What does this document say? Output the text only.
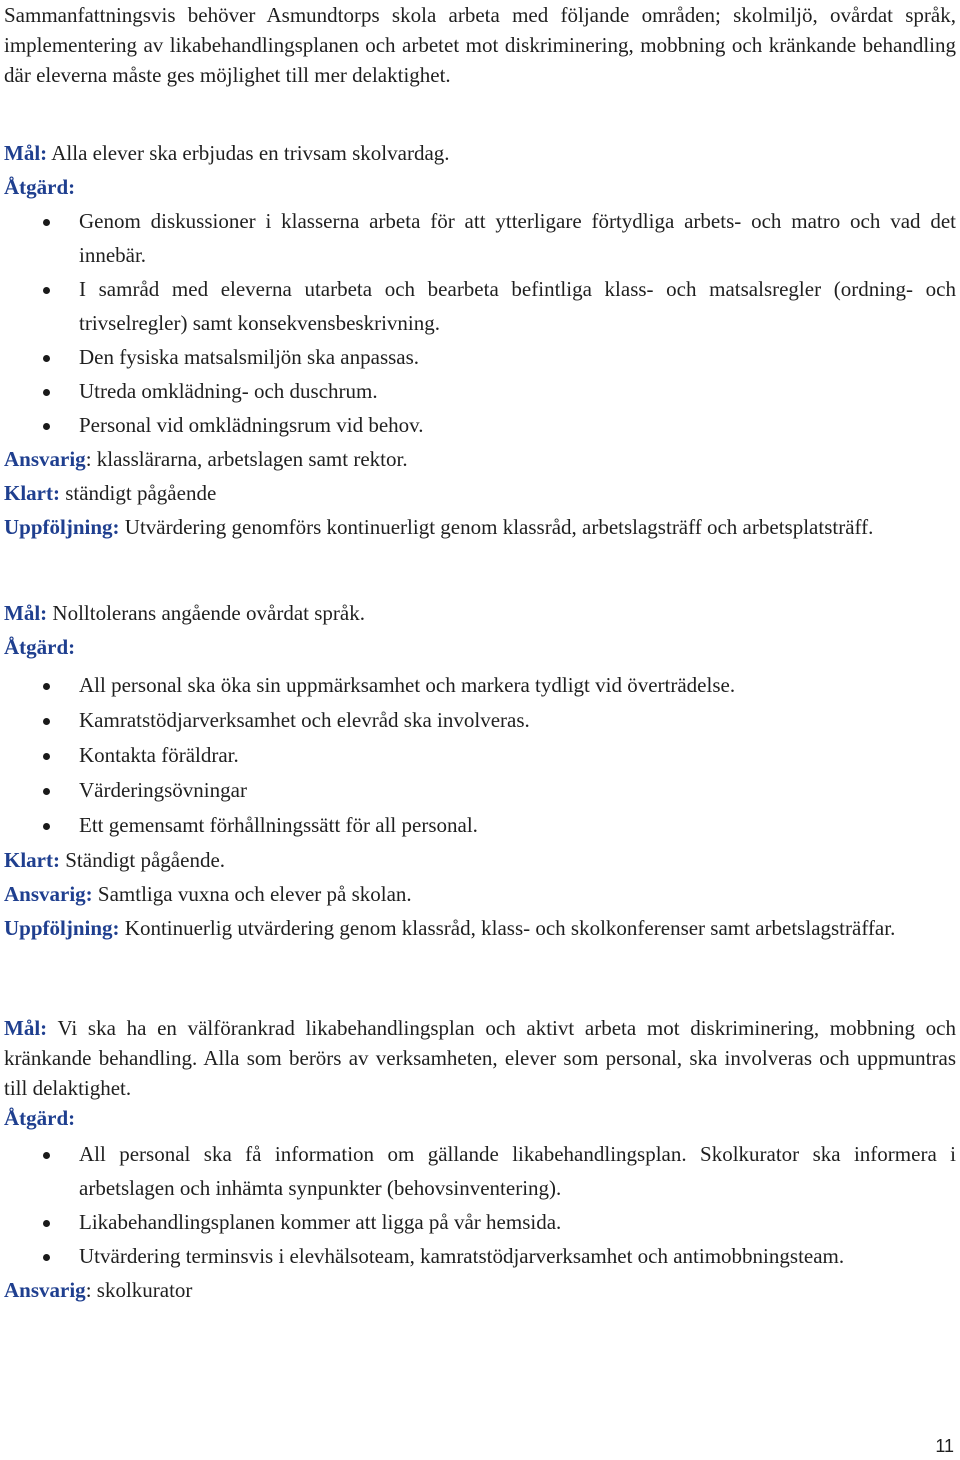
Sammanfattningsvis behöver Asmundtorps skola arbeta med följande områden; skolmiljö, ovårdat språk, implementering av likabehandlingsplanen och arbetet mot diskriminering, mobbning och kränkande behandling där eleverna måste ges möjlighet till mer delaktighet.

Mål: Alla elever ska erbjudas en trivsam skolvardag.

Åtgärd:

Genom diskussioner i klasserna arbeta för att ytterligare förtydliga arbets- och matro och vad det innebär.
I samråd med eleverna utarbeta och bearbeta befintliga klass- och matsalsregler (ordning- och trivselregler) samt konsekvensbeskrivning.
Den fysiska matsalsmiljön ska anpassas.
Utreda omklädning- och duschrum.
Personal vid omklädningsrum vid behov.

Ansvarig: klasslärarna, arbetslagen samt rektor.

Klart: ständigt pågående

Uppföljning: Utvärdering genomförs kontinuerligt genom klassråd, arbetslagsträff och arbetsplatsträff.

Mål: Nolltolerans angående ovårdat språk.

Åtgärd:

All personal ska öka sin uppmärksamhet och markera tydligt vid överträdelse.
Kamratstödjarverksamhet och elevråd ska involveras.
Kontakta föräldrar.
Värderingsövningar
Ett gemensamt förhållningssätt för all personal.

Klart: Ständigt pågående.

Ansvarig: Samtliga vuxna och elever på skolan.

Uppföljning: Kontinuerlig utvärdering genom klassråd, klass- och skolkonferenser samt arbetslagsträffar.

Mål: Vi ska ha en välförankrad likabehandlingsplan och aktivt arbeta mot diskriminering, mobbning och kränkande behandling. Alla som berörs av verksamheten, elever som personal, ska involveras och uppmuntras till delaktighet.

Åtgärd:

All personal ska få information om gällande likabehandlingsplan. Skolkurator ska informera i arbetslagen och inhämta synpunkter (behovsinventering).
Likabehandlingsplanen kommer att ligga på vår hemsida.
Utvärdering terminsvis i elevhälsoteam, kamratstödjarverksamhet och antimobbningsteam.

Ansvarig: skolkurator

11
